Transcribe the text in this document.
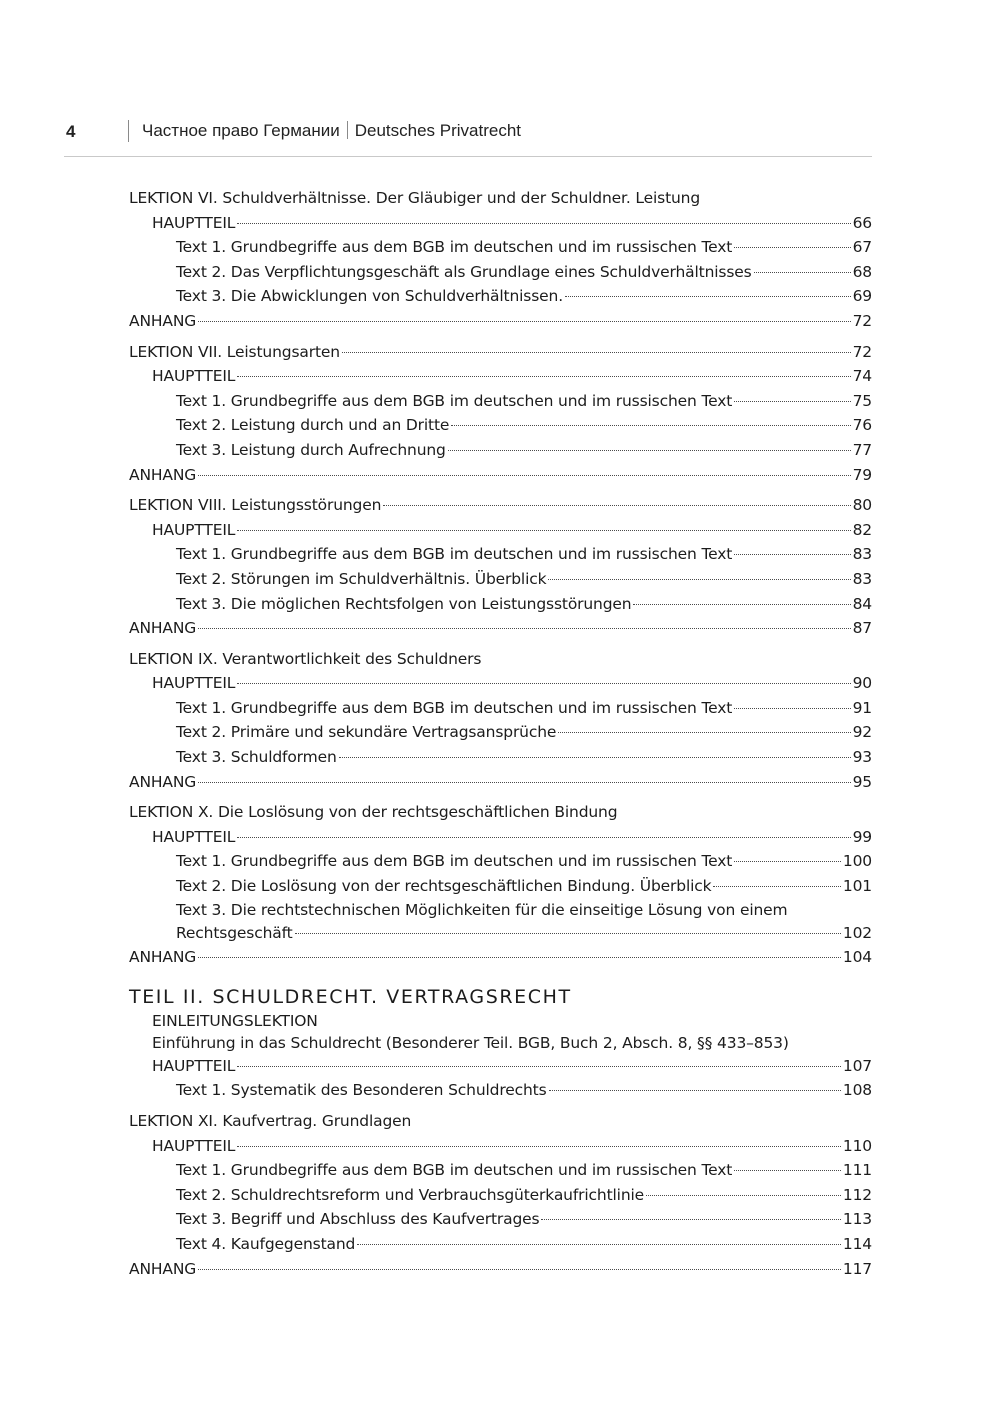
4	Частное право Германии Deutsches Privatrecht
LEKTION VI. Schuldverhältnisse. Der Gläubiger und der Schuldner. Leistung
HAUPTTEIL	66
Text 1. Grundbegriffe aus dem BGB im deutschen und im russischen Text	67
Text 2. Das Verpflichtungsgeschäft als Grundlage eines Schuldverhältnisses	68
Text 3. Die Abwicklungen von Schuldverhältnissen.	69
ANHANG	72
LEKTION VII. Leistungsarten	72
HAUPTTEIL	74
Text 1. Grundbegriffe aus dem BGB im deutschen und im russischen Text	75
Text 2. Leistung durch und an Dritte	76
Text 3. Leistung durch Aufrechnung	77
ANHANG	79
LEKTION VIII. Leistungsstörungen	80
HAUPTTEIL	82
Text 1. Grundbegriffe aus dem BGB im deutschen und im russischen Text	83
Text 2. Störungen im Schuldverhältnis. Überblick	83
Text 3. Die möglichen Rechtsfolgen von Leistungsstörungen	84
ANHANG	87
LEKTION IX. Verantwortlichkeit des Schuldners
HAUPTTEIL	90
Text 1. Grundbegriffe aus dem BGB im deutschen und im russischen Text	91
Text 2. Primäre und sekundäre Vertragsansprüche	92
Text 3. Schuldformen	93
ANHANG	95
LEKTION X. Die Loslösung von der rechtsgeschäftlichen Bindung
HAUPTTEIL	99
Text 1. Grundbegriffe aus dem BGB im deutschen und im russischen Text	100
Text 2. Die Loslösung von der rechtsgeschäftlichen Bindung. Überblick	101
Text 3. Die rechtstechnischen Möglichkeiten für die einseitige Lösung von einem
Rechtsgeschäft	102
ANHANG	104
TEIL II. SCHULDRECHT. VERTRAGSRECHT
EINLEITUNGSLEKTION
Einführung in das Schuldrecht (Besonderer Teil. BGB, Buch 2, Absch. 8, §§ 433–853)
HAUPTTEIL	107
Text 1. Systematik des Besonderen Schuldrechts	108
LEKTION XI. Kaufvertrag. Grundlagen
HAUPTTEIL	110
Text 1. Grundbegriffe aus dem BGB im deutschen und im russischen Text	111
Text 2. Schuldrechtsreform und Verbrauchsgüterkaufrichtlinie	112
Text 3. Begriff und Abschluss des Kaufvertrages	113
Text 4. Kaufgegenstand	114
ANHANG	117
